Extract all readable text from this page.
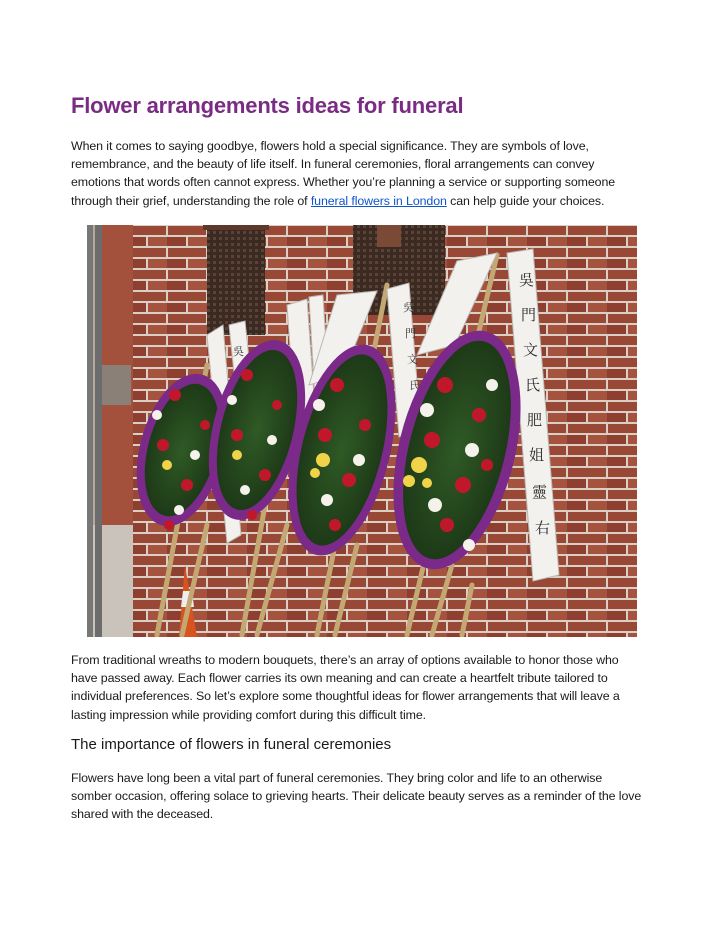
Flower arrangements ideas for funeral

When it comes to saying goodbye, flowers hold a special significance. They are symbols of love, remembrance, and the beauty of life itself. In funeral ceremonies, floral arrangements can convey emotions that words often cannot express. Whether you’re planning a service or supporting someone through their grief, understanding the role of funeral flowers in London can help guide your choices.

吳
門
文
氏
肥
姐
靈
右
吳
門
文
氏
吳

From traditional wreaths to modern bouquets, there’s an array of options available to honor those who have passed away. Each flower carries its own meaning and can create a heartfelt tribute tailored to individual preferences. So let’s explore some thoughtful ideas for flower arrangements that will leave a lasting impression while providing comfort during this difficult time.

The importance of flowers in funeral ceremonies

Flowers have long been a vital part of funeral ceremonies. They bring color and life to an otherwise somber occasion, offering solace to grieving hearts. Their delicate beauty serves as a reminder of the love shared with the deceased.
